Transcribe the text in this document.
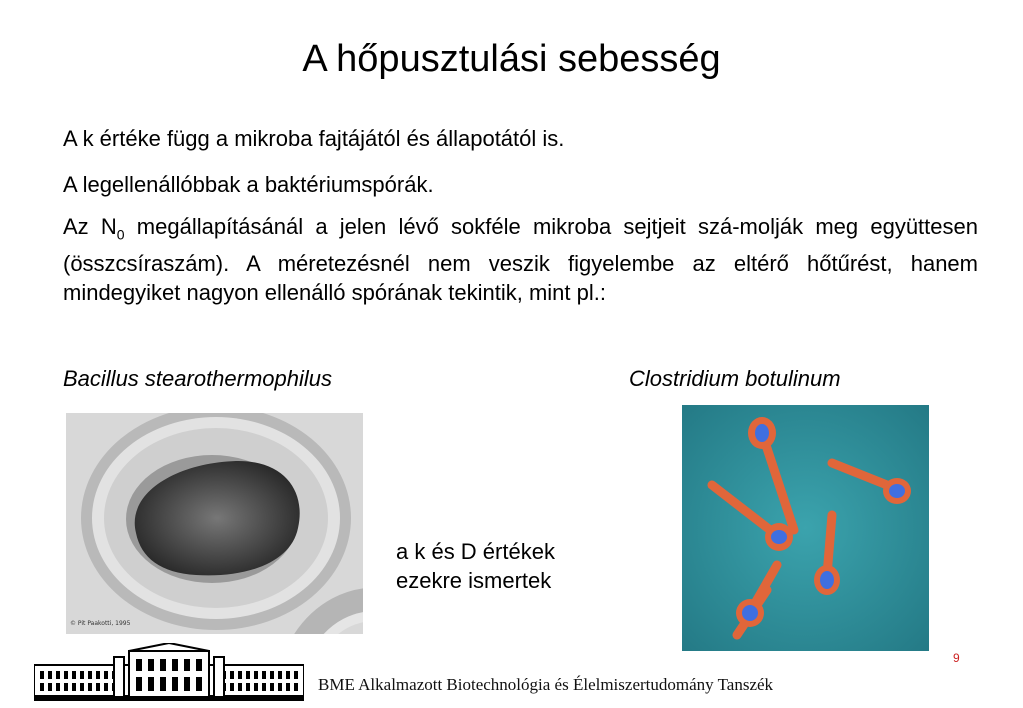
A hőpusztulási sebesség
A k értéke függ a mikroba fajtájától és állapotától is.
A legellenállóbbak a baktériumspórák.
Az $N_0$ megállapításánál a jelen lévő sokféle mikroba sejtjeit szá-molják meg együttesen (összcsíraszám). A méretezésnél nem veszik figyelembe az eltérő hőtűrést, hanem mindegyiket nagyon ellenálló spórának tekintik, mint pl.:
Bacillus stearothermophilus	Clostridium botulinum
© Pit Paakotti, 1995
a k és D értékek
ezekre ismertek
9
BME Alkalmazott Biotechnológia és Élelmiszertudomány Tanszék
